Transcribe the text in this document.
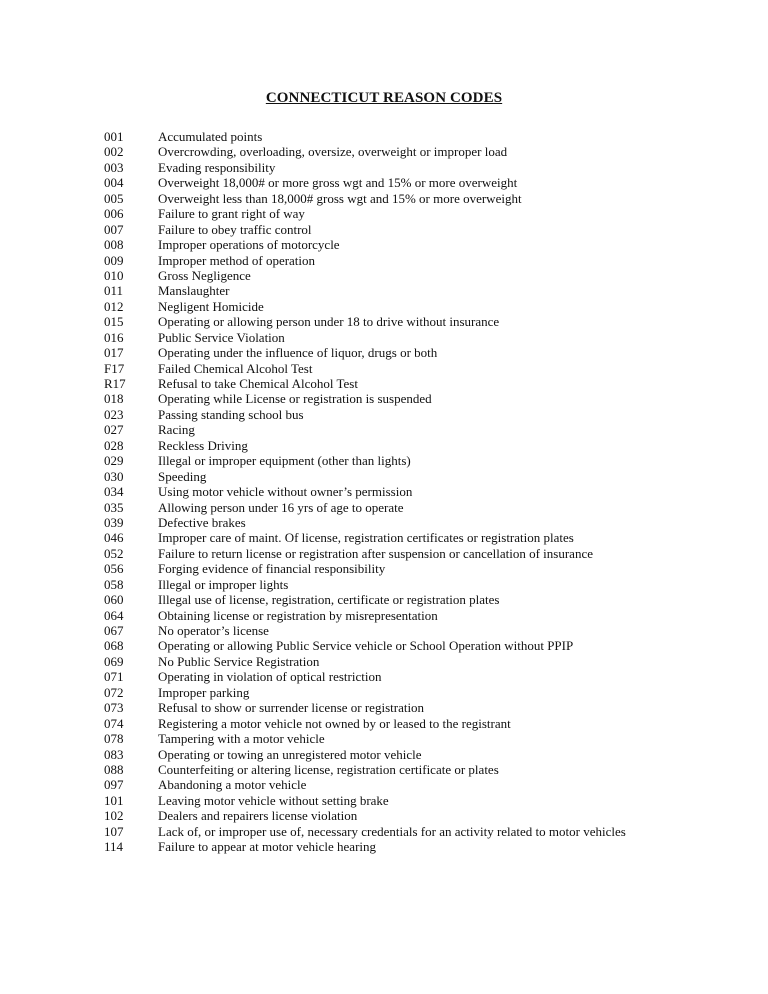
CONNECTICUT REASON CODES
001	Accumulated points
002	Overcrowding, overloading, oversize, overweight or improper load
003	Evading responsibility
004	Overweight 18,000# or more gross wgt and 15% or more overweight
005	Overweight less than 18,000# gross wgt and 15% or more overweight
006	Failure to grant right of way
007	Failure to obey traffic control
008	Improper operations of motorcycle
009	Improper method of operation
010	Gross Negligence
011	Manslaughter
012	Negligent Homicide
015	Operating or allowing person under 18 to drive without insurance
016	Public Service Violation
017	Operating under the influence of liquor, drugs or both
F17	Failed Chemical Alcohol Test
R17	Refusal to take Chemical Alcohol Test
018	Operating while License or registration is suspended
023	Passing standing school bus
027	Racing
028	Reckless Driving
029	Illegal or improper equipment (other than lights)
030	Speeding
034	Using motor vehicle without owner’s permission
035	Allowing person under 16 yrs of age to operate
039	Defective brakes
046	Improper care of maint. Of license, registration certificates or registration plates
052	Failure to return license or registration after suspension or cancellation of insurance
056	Forging evidence of financial responsibility
058	Illegal or improper lights
060	Illegal use of license, registration, certificate or registration plates
064	Obtaining license or registration by misrepresentation
067	No operator’s license
068	Operating or allowing Public Service vehicle or School Operation without PPIP
069	No Public Service Registration
071	Operating in violation of optical restriction
072	Improper parking
073	Refusal to show or surrender license or registration
074	Registering a motor vehicle not owned by or leased to the registrant
078	Tampering with a motor vehicle
083	Operating or towing an unregistered motor vehicle
088	Counterfeiting or altering license, registration certificate or plates
097	Abandoning a motor vehicle
101	Leaving motor vehicle without setting brake
102	Dealers and repairers license violation
107	Lack of, or improper use of, necessary credentials for an activity related to motor vehicles
114	Failure to appear at motor vehicle hearing
